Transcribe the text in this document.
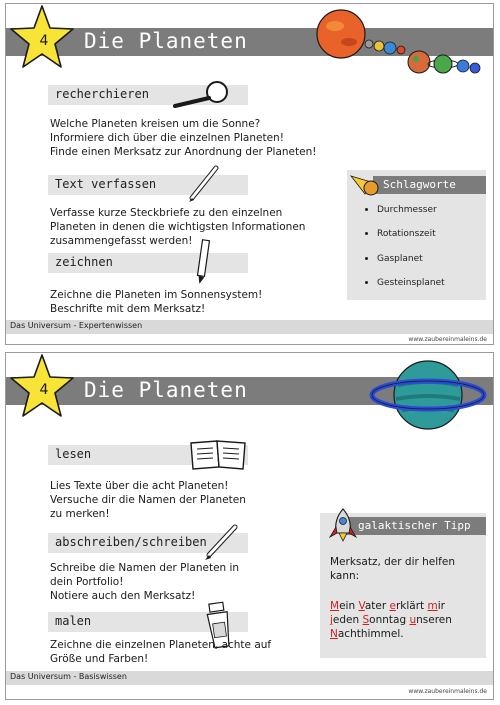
Die Planeten
4
recherchieren
Welche Planeten kreisen um die Sonne?
Informiere dich über die einzelnen Planeten!
Finde einen Merksatz zur Anordnung der Planeten!
Text verfassen
Verfasse kurze Steckbriefe zu den einzelnen
Planeten in denen die wichtigsten Informationen
zusammengefasst werden!
zeichnen
Zeichne die Planeten im Sonnensystem!
Beschrifte mit dem Merksatz!
Schlagworte
Durchmesser
Rotationszeit
Gasplanet
Gesteinsplanet
Das Universum - Expertenwissen
www.zaubereinmaleins.de
Die Planeten
4
lesen
Lies Texte über die acht Planeten!
Versuche dir die Namen der Planeten
zu merken!
abschreiben/schreiben
Schreibe die Namen der Planeten in
dein Portfolio!
Notiere auch den Merksatz!
malen
Zeichne die einzelnen Planeten, achte auf
Größe und Farben!
galaktischer Tipp
Merksatz, der dir helfen
kann:
Mein Vater erklärt mir
jeden Sonntag unseren
Nachthimmel.
Das Universum - Basiswissen
www.zaubereinmaleins.de
